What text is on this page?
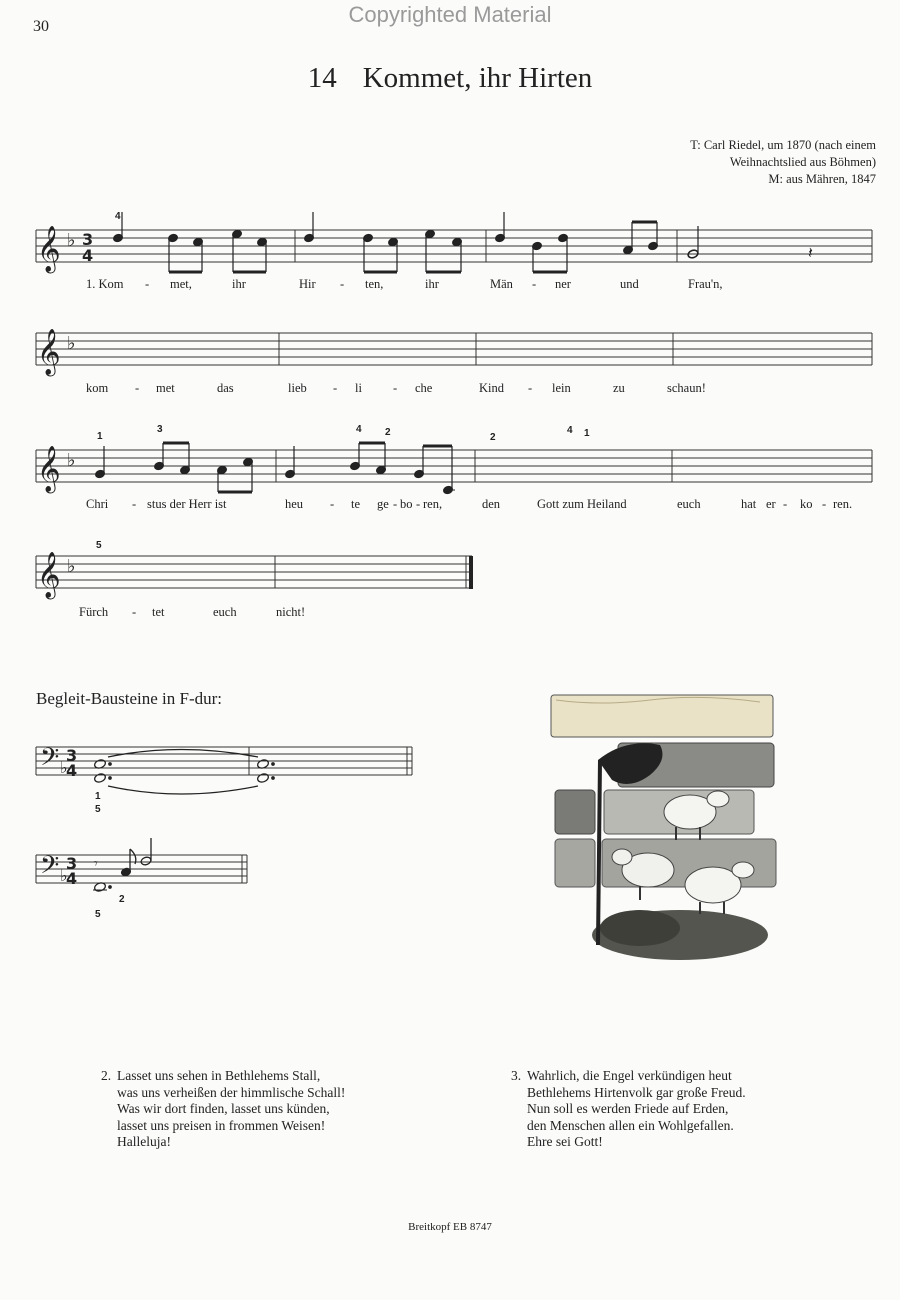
Copyrighted Material
30
14 Kommet, ihr Hirten
T: Carl Riedel, um 1870 (nach einem
Weihnachtslied aus Böhmen)
M: aus Mähren, 1847
𝄞
𝄞
𝄞
𝄞
𝄢
𝄢
♭
♭
♭
♭
♭
♭
3
4
3
4
3
4
𝄽
𝄾
4
1
3	4 2	2
4 1
5
1
5
5
2
1. Kom - met,	ihr	Hir - ten,	ihr	Män - ner	und	Frau'n,
kom - met	das	lieb - li - che	Kind - lein	zu	schaun!
Chri - stus der Herr ist	heu - te ge - bo - ren,	den	Gott zum Heiland	euch	hat er - ko - ren.
Fürch - tet	euch	nicht!
Begleit-Bausteine in F-dur:
2. Lasset uns sehen in Bethlehems Stall,
was uns verheißen der himmlische Schall!
Was wir dort finden, lasset uns künden,
lasset uns preisen in frommen Weisen!
Halleluja!
3. Wahrlich, die Engel verkündigen heut
Bethlehems Hirtenvolk gar große Freud.
Nun soll es werden Friede auf Erden,
den Menschen allen ein Wohlgefallen.
Ehre sei Gott!
Breitkopf EB 8747
